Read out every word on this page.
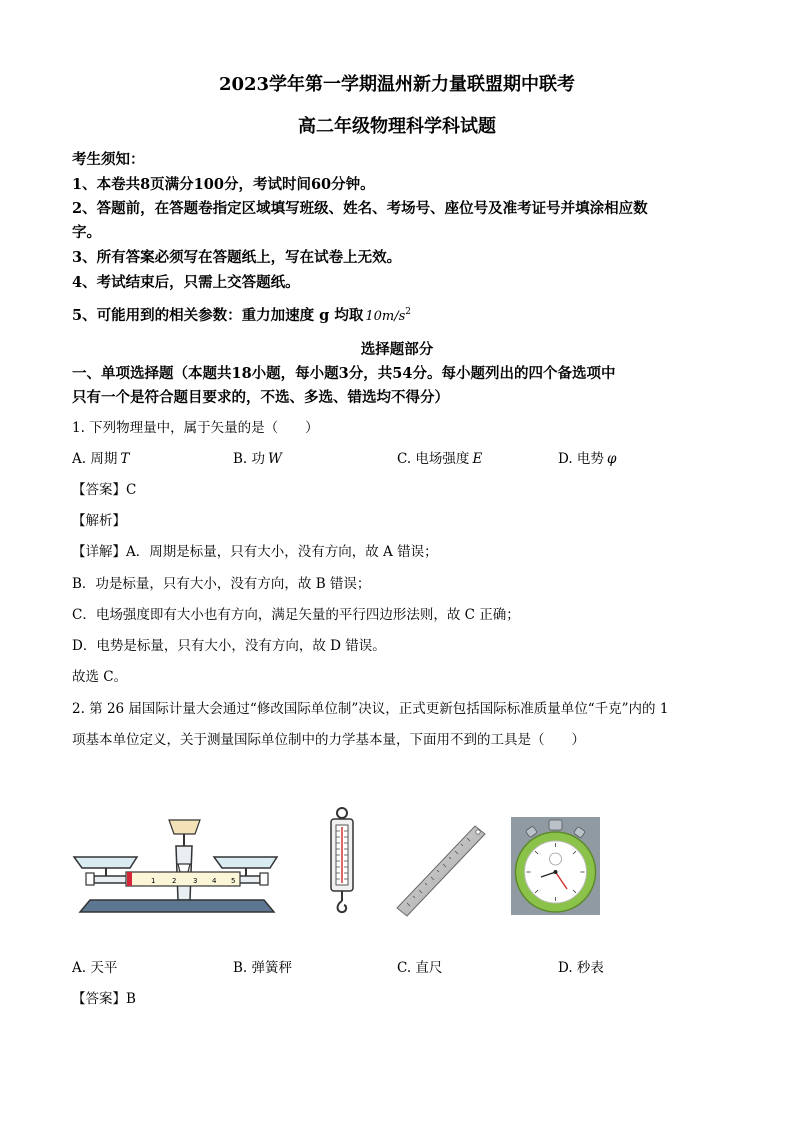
2023学年第一学期温州新力量联盟期中联考
高二年级物理科学科试题
考生须知：
1、本卷共8页满分100分，考试时间60分钟。
2、答题前，在答题卷指定区域填写班级、姓名、考场号、座位号及准考证号并填涂相应数
字。
3、所有答案必须写在答题纸上，写在试卷上无效。
4、考试结束后，只需上交答题纸。
5、可能用到的相关参数：重力加速度 g 均取 $10m/s^2$
选择题部分
一、单项选择题（本题共18小题，每小题3分，共54分。每小题列出的四个备选项中
只有一个是符合题目要求的，不选、多选、错选均不得分）
1. 下列物理量中，属于矢量的是（　　）
A. 周期 T	B. 功 W	C. 电场强度 E	D. 电势 φ
【答案】C
【解析】
【详解】A．周期是标量，只有大小，没有方向，故 A 错误；
B．功是标量，只有大小，没有方向，故 B 错误；
C．电场强度即有大小也有方向，满足矢量的平行四边形法则，故 C 正确；
D．电势是标量，只有大小，没有方向，故 D 错误。
故选 C。
2. 第 26 届国际计量大会通过“修改国际单位制”决议，正式更新包括国际标准质量单位“千克”内的 1
项基本单位定义，关于测量国际单位制中的力学基本量，下面用不到的工具是（　　）
1 2 3 4 5
A. 天平	B. 弹簧秤	C. 直尺	D. 秒表
【答案】B
